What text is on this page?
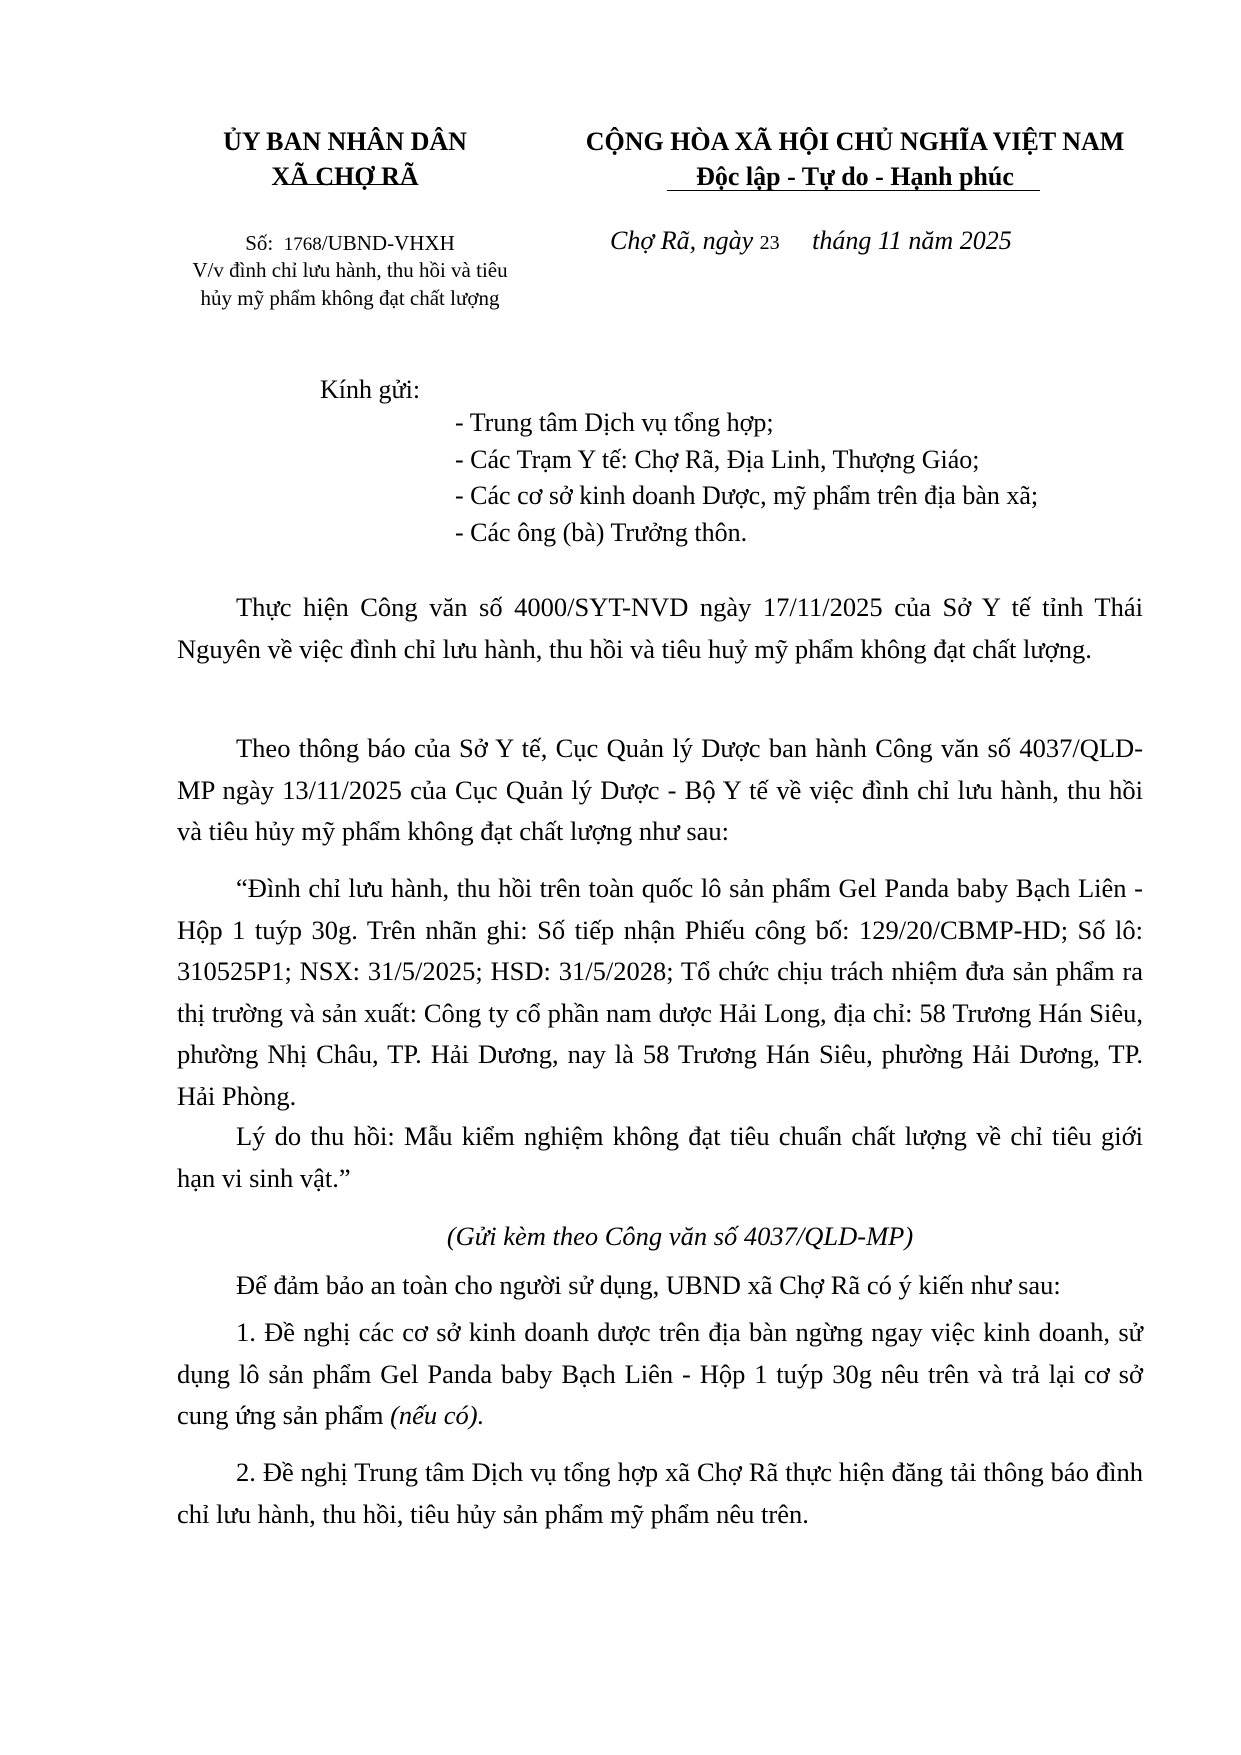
ỦY BAN NHÂN DÂN
XÃ CHỢ RÃ
CỘNG HÒA XÃ HỘI CHỦ NGHĨA VIỆT NAM
Độc lập - Tự do - Hạnh phúc
Số: 1768/UBND-VHXH	Chợ Rã, ngày 23 tháng 11 năm 2025
V/v đình chỉ lưu hành, thu hồi và tiêu hủy mỹ phẩm không đạt chất lượng
Kính gửi:
- Trung tâm Dịch vụ tổng hợp;
- Các Trạm Y tế: Chợ Rã, Địa Linh, Thượng Giáo;
- Các cơ sở kinh doanh Dược, mỹ phẩm trên địa bàn xã;
- Các ông (bà) Trưởng thôn.

Thực hiện Công văn số 4000/SYT-NVD ngày 17/11/2025 của Sở Y tế tỉnh Thái Nguyên về việc đình chỉ lưu hành, thu hồi và tiêu huỷ mỹ phẩm không đạt chất lượng.

Theo thông báo của Sở Y tế, Cục Quản lý Dược ban hành Công văn số 4037/QLD-MP ngày 13/11/2025 của Cục Quản lý Dược - Bộ Y tế về việc đình chỉ lưu hành, thu hồi và tiêu hủy mỹ phẩm không đạt chất lượng như sau:

“Đình chỉ lưu hành, thu hồi trên toàn quốc lô sản phẩm Gel Panda baby Bạch Liên - Hộp 1 tuýp 30g. Trên nhãn ghi: Số tiếp nhận Phiếu công bố: 129/20/CBMP-HD; Số lô: 310525P1; NSX: 31/5/2025; HSD: 31/5/2028; Tổ chức chịu trách nhiệm đưa sản phẩm ra thị trường và sản xuất: Công ty cổ phần nam dược Hải Long, địa chỉ: 58 Trương Hán Siêu, phường Nhị Châu, TP. Hải Dương, nay là 58 Trương Hán Siêu, phường Hải Dương, TP. Hải Phòng.

Lý do thu hồi: Mẫu kiểm nghiệm không đạt tiêu chuẩn chất lượng về chỉ tiêu giới hạn vi sinh vật.”

(Gửi kèm theo Công văn số 4037/QLD-MP)

Để đảm bảo an toàn cho người sử dụng, UBND xã Chợ Rã có ý kiến như sau:

1. Đề nghị các cơ sở kinh doanh dược trên địa bàn ngừng ngay việc kinh doanh, sử dụng lô sản phẩm Gel Panda baby Bạch Liên - Hộp 1 tuýp 30g nêu trên và trả lại cơ sở cung ứng sản phẩm (nếu có).

2. Đề nghị Trung tâm Dịch vụ tổng hợp xã Chợ Rã thực hiện đăng tải thông báo đình chỉ lưu hành, thu hồi, tiêu hủy sản phẩm mỹ phẩm nêu trên.
